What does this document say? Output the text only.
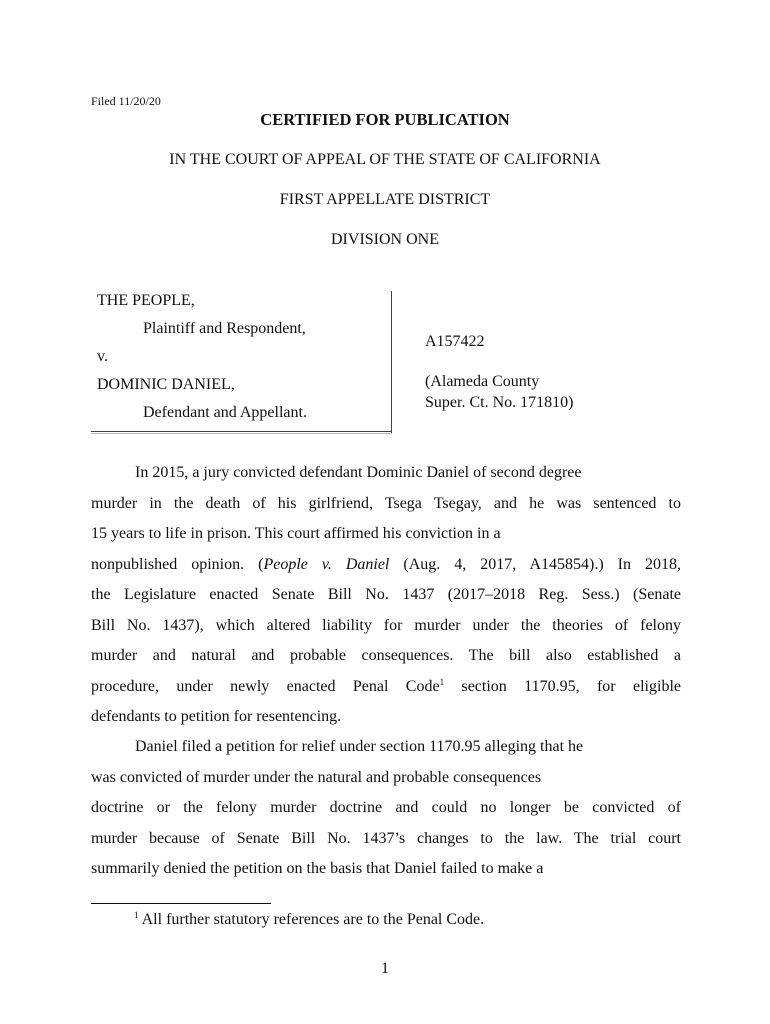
Filed 11/20/20
CERTIFIED FOR PUBLICATION
IN THE COURT OF APPEAL OF THE STATE OF CALIFORNIA
FIRST APPELLATE DISTRICT
DIVISION ONE
THE PEOPLE,
Plaintiff and Respondent,
v.
DOMINIC DANIEL,
Defendant and Appellant.
A157422
(Alameda County
Super. Ct. No. 171810)
In 2015, a jury convicted defendant Dominic Daniel of second degree
murder in the death of his girlfriend, Tsega Tsegay, and he was sentenced to
15 years to life in prison. This court affirmed his conviction in a
nonpublished opinion. (People v. Daniel (Aug. 4, 2017, A145854).) In 2018,
the Legislature enacted Senate Bill No. 1437 (2017–2018 Reg. Sess.) (Senate
Bill No. 1437), which altered liability for murder under the theories of felony
murder and natural and probable consequences. The bill also established a
procedure, under newly enacted Penal Code$^1$ section 1170.95, for eligible
defendants to petition for resentencing.
Daniel filed a petition for relief under section 1170.95 alleging that he
was convicted of murder under the natural and probable consequences
doctrine or the felony murder doctrine and could no longer be convicted of
murder because of Senate Bill No. 1437’s changes to the law. The trial court
summarily denied the petition on the basis that Daniel failed to make a
$^1$ All further statutory references are to the Penal Code.
1
